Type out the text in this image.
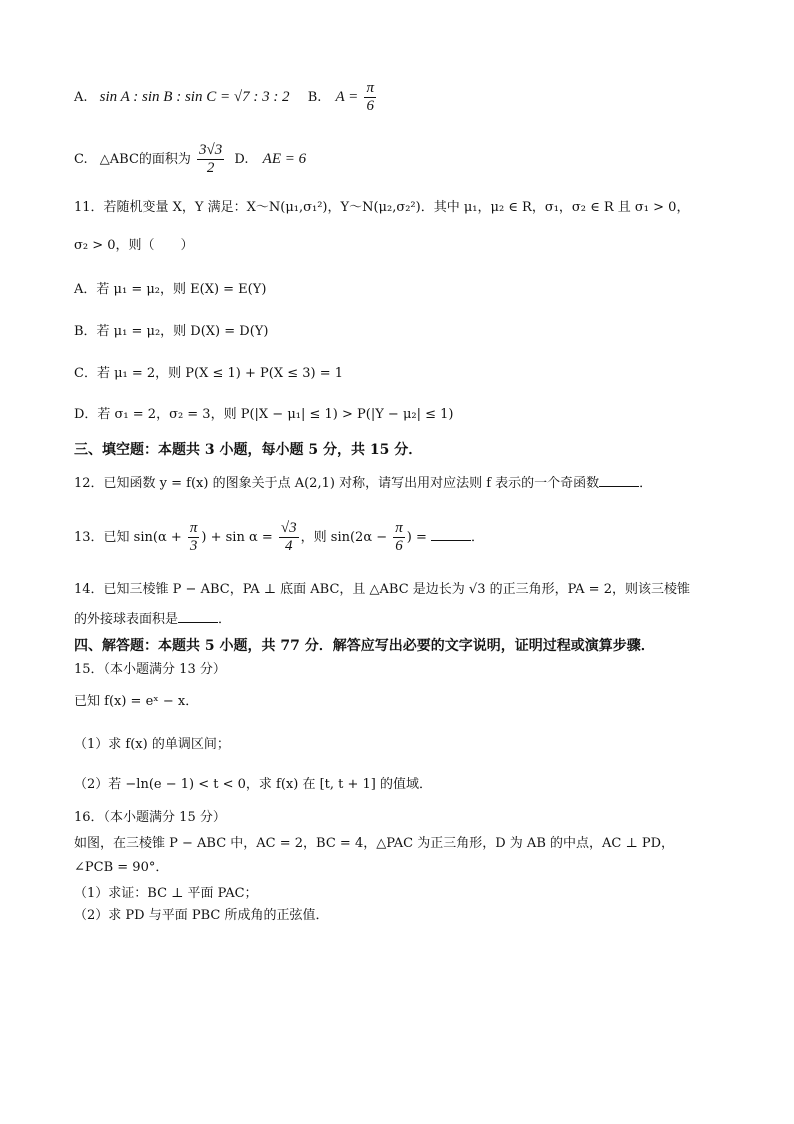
A. sin A : sin B : sin C = √7 : 3 : 2 B. $A = \frac{\pi}{6}$
C. △ABC的面积为 $\frac{3√3}{2} D$. AE = 6
11．若随机变量 X，Y 满足：X～N(μ₁,σ₁²)，Y～N(μ₂,σ₂²)．其中 μ₁，μ₂ ∈ R，σ₁，σ₂ ∈ R 且 σ₁ > 0，
σ₂ > 0，则（　　）
A．若 μ₁ = μ₂，则 E(X) = E(Y)
B．若 μ₁ = μ₂，则 D(X) = D(Y)
C．若 μ₁ = 2，则 P(X ≤ 1) + P(X ≤ 3) = 1
D．若 σ₁ = 2，σ₂ = 3，则 P(|X − μ₁| ≤ 1) > P(|Y − μ₂| ≤ 1)
三、填空题：本题共 3 小题，每小题 5 分，共 15 分．
12．已知函数 y = f(x) 的图象关于点 A(2,1) 对称，请写出用对应法则 f 表示的一个奇函数	．
13．已知 $\sin(\alpha + \frac{\pi}{3}$ ) + $\sin \alpha = \frac{√3}{4}$ ，则 $\sin(2\alpha - \frac{\pi}{6}$ ) =	．
14．已知三棱锥 P − ABC，PA ⊥ 底面 ABC，且 △ABC 是边长为 √3 的正三角形，PA = 2，则该三棱锥
的外接球表面积是	．
四、解答题：本题共 5 小题，共 77 分．解答应写出必要的文字说明，证明过程或演算步骤．
15．（本小题满分 13 分）
已知 f(x) = eˣ − x．
（1）求 f(x) 的单调区间；
（2）若 −ln(e − 1) < t < 0，求 f(x) 在 [t, t + 1] 的值域．
16．（本小题满分 15 分）
如图，在三棱锥 P − ABC 中，AC = 2，BC = 4，△PAC 为正三角形，D 为 AB 的中点，AC ⊥ PD，
∠PCB = 90°．
（1）求证：BC ⊥ 平面 PAC；
（2）求 PD 与平面 PBC 所成角的正弦值．
